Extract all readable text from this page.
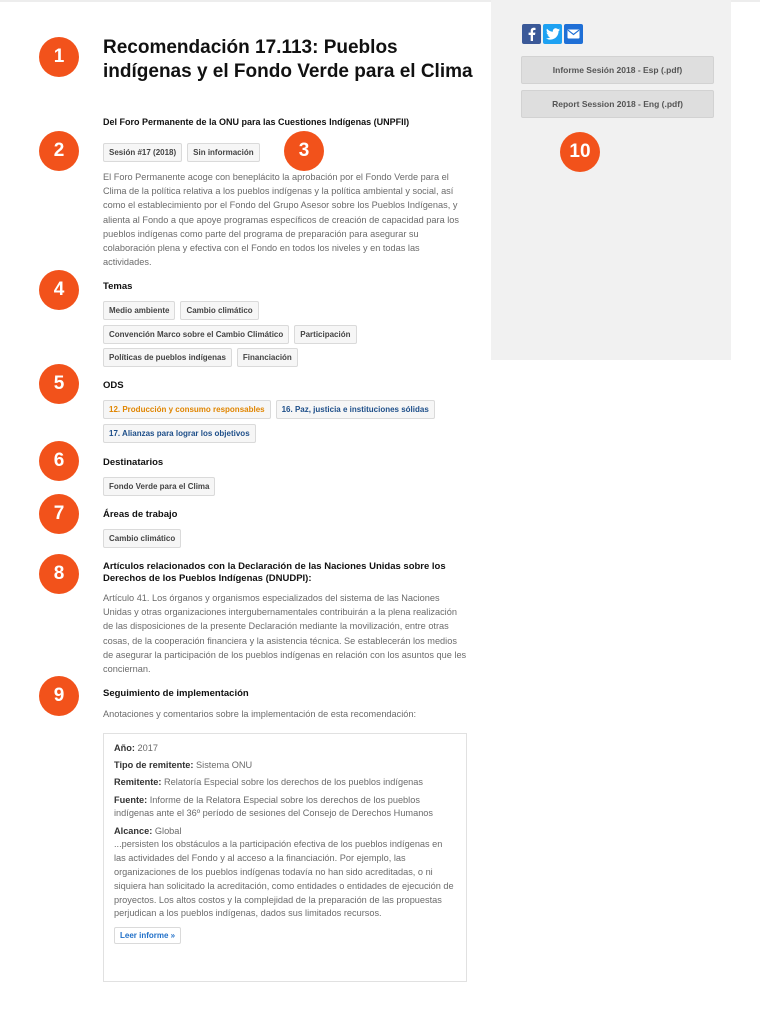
Informe Sesión 2018 - Esp (.pdf)
Report Session 2018 - Eng (.pdf)
1
2	3
4
5
6
7
8
9
10
Recomendación 17.113: Pueblos indígenas y el Fondo Verde para el Clima
Del Foro Permanente de la ONU para las Cuestiones Indígenas (UNPFII)
Sesión #17 (2018)	Sin información

El Foro Permanente acoge con beneplácito la aprobación por el Fondo Verde para el Clima de la política relativa a los pueblos indígenas y la política ambiental y social, así como el establecimiento por el Fondo del Grupo Asesor sobre los Pueblos Indígenas, y alienta al Fondo a que apoye programas específicos de creación de capacidad para los pueblos indígenas como parte del programa de preparación para asegurar su colaboración plena y efectiva con el Fondo en todos los niveles y en todas las actividades.

Temas
Medio ambiente	Cambio climático
Convención Marco sobre el Cambio Climático	Participación
Políticas de pueblos indígenas	Financiación
ODS
12. Producción y consumo responsables	16. Paz, justicia e instituciones sólidas
17. Alianzas para lograr los objetivos
Destinatarios
Fondo Verde para el Clima
Áreas de trabajo
Cambio climático
Artículos relacionados con la Declaración de las Naciones Unidas sobre los Derechos de los Pueblos Indígenas (DNUDPI):

Artículo 41. Los órganos y organismos especializados del sistema de las Naciones Unidas y otras organizaciones intergubernamentales contribuirán a la plena realización de las disposiciones de la presente Declaración mediante la movilización, entre otras cosas, de la cooperación financiera y la asistencia técnica. Se establecerán los medios de asegurar la participación de los pueblos indígenas en relación con los asuntos que les conciernan.

Seguimiento de implementación

Anotaciones y comentarios sobre la implementación de esta recomendación:

Año: 2017
Tipo de remitente: Sistema ONU
Remitente: Relatoría Especial sobre los derechos de los pueblos indígenas
Fuente: Informe de la Relatora Especial sobre los derechos de los pueblos indígenas ante el 36º período de sesiones del Consejo de Derechos Humanos
Alcance: Global
...persisten los obstáculos a la participación efectiva de los pueblos indígenas en las actividades del Fondo y al acceso a la financiación. Por ejemplo, las organizaciones de los pueblos indígenas todavía no han sido acreditadas, o ni siquiera han solicitado la acreditación, como entidades o entidades de ejecución de proyectos. Los altos costos y la complejidad de la preparación de las propuestas perjudican a los pueblos indígenas, dados sus limitados recursos.
Leer informe »
